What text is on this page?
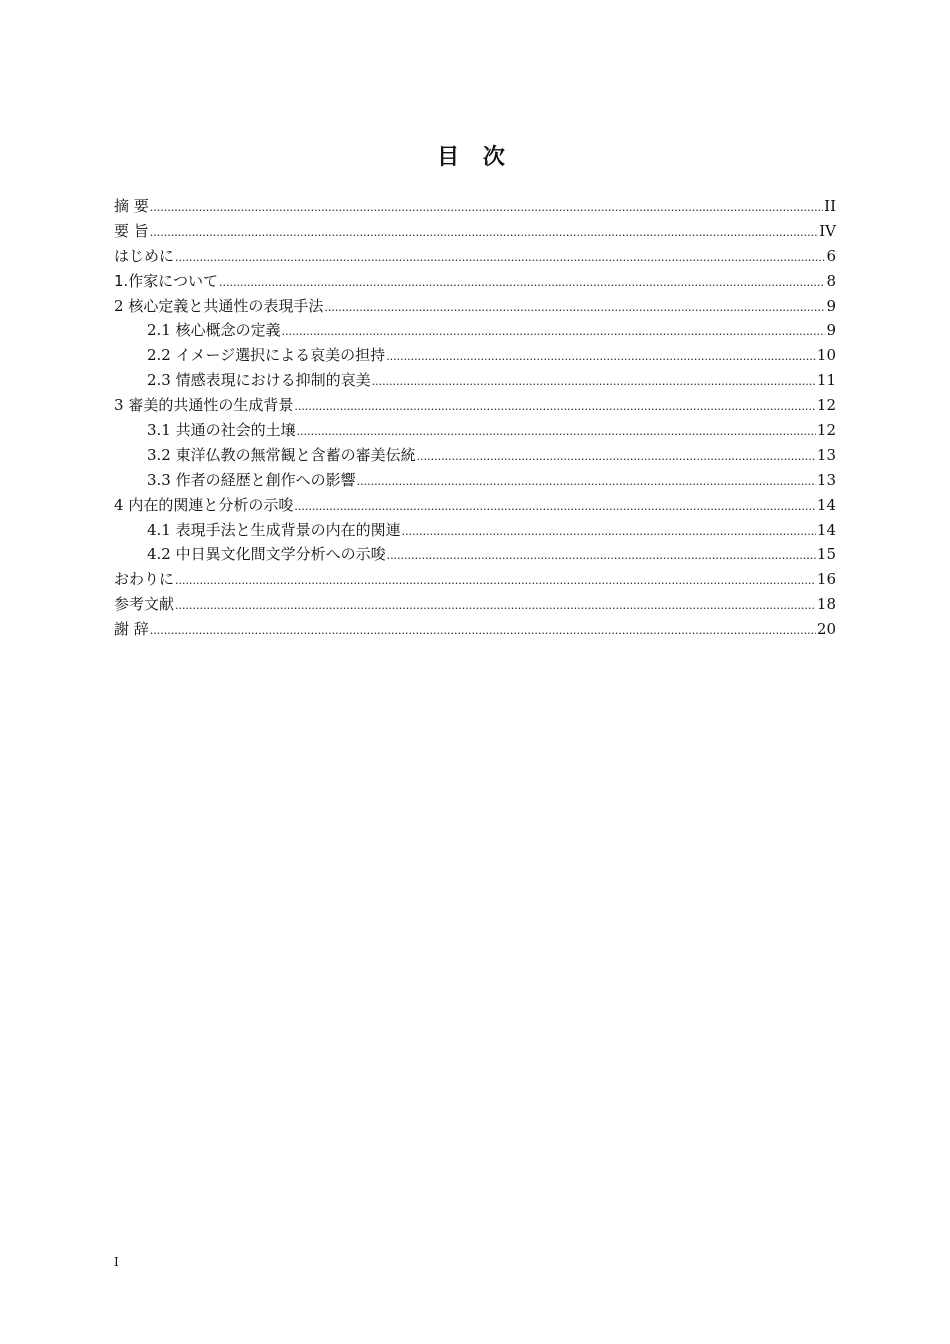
目 次
摘 要 .....	II
要 旨 .....	IV
はじめに .....	6
1.作家について .....	8
2 核心定義と共通性の表現手法 .....	9
2.1 核心概念の定義 .....	9
2.2 イメージ選択による哀美の担持 .....	10
2.3 情感表現における抑制的哀美 .....	11
3 審美的共通性の生成背景 .....	12
3.1 共通の社会的土壌 .....	12
3.2 東洋仏教の無常観と含蓄の審美伝統 .....	13
3.3 作者の経歴と創作への影響 .....	13
4 内在的関連と分析の示唆 .....	14
4.1 表現手法と生成背景の内在的関連 .....	14
4.2 中日異文化間文学分析への示唆 .....	15
おわりに .....	16
参考文献 .....	18
謝 辞 .....	20
I
